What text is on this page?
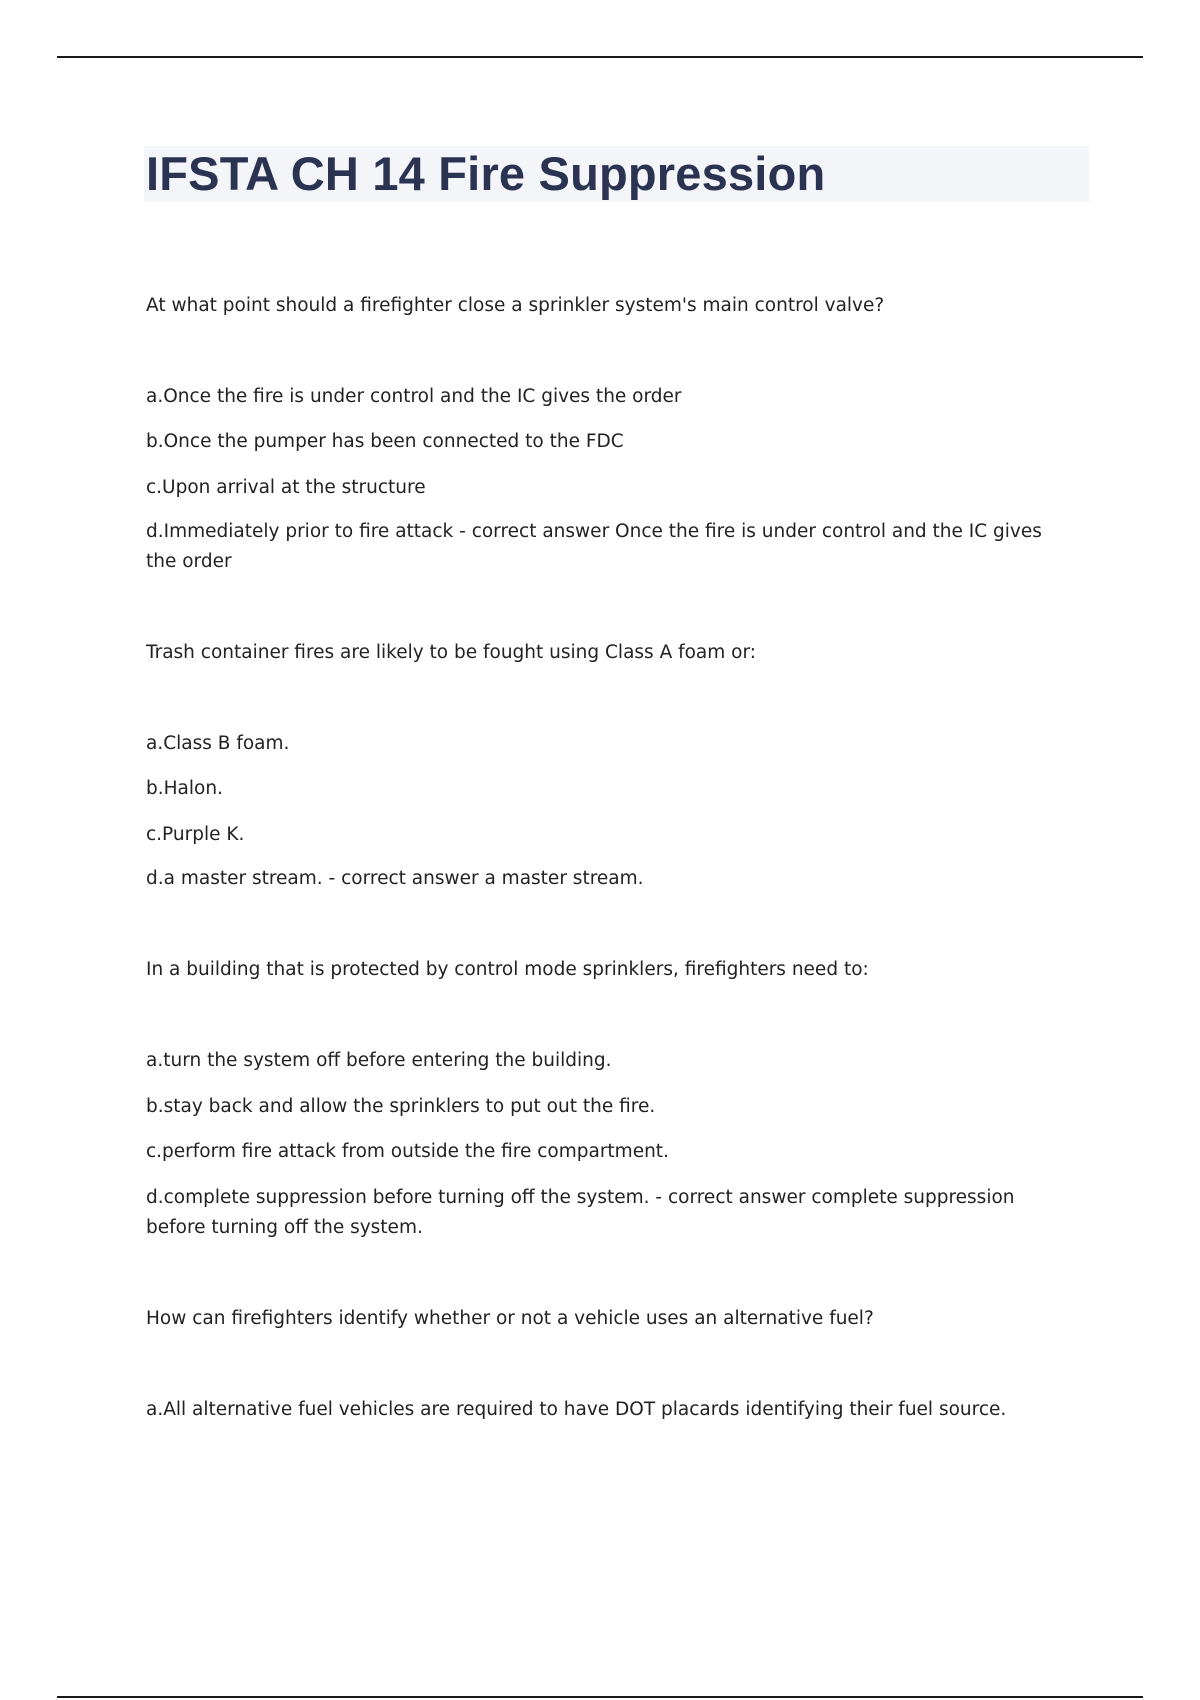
IFSTA CH 14 Fire Suppression

At what point should a firefighter close a sprinkler system's main control valve?

a.Once the fire is under control and the IC gives the order

b.Once the pumper has been connected to the FDC

c.Upon arrival at the structure

d.Immediately prior to fire attack - correct answer Once the fire is under control and the IC gives the order

Trash container fires are likely to be fought using Class A foam or:

a.Class B foam.

b.Halon.

c.Purple K.

d.a master stream. - correct answer a master stream.

In a building that is protected by control mode sprinklers, firefighters need to:

a.turn the system off before entering the building.

b.stay back and allow the sprinklers to put out the fire.

c.perform fire attack from outside the fire compartment.

d.complete suppression before turning off the system. - correct answer complete suppression before turning off the system.

How can firefighters identify whether or not a vehicle uses an alternative fuel?

a.All alternative fuel vehicles are required to have DOT placards identifying their fuel source.
